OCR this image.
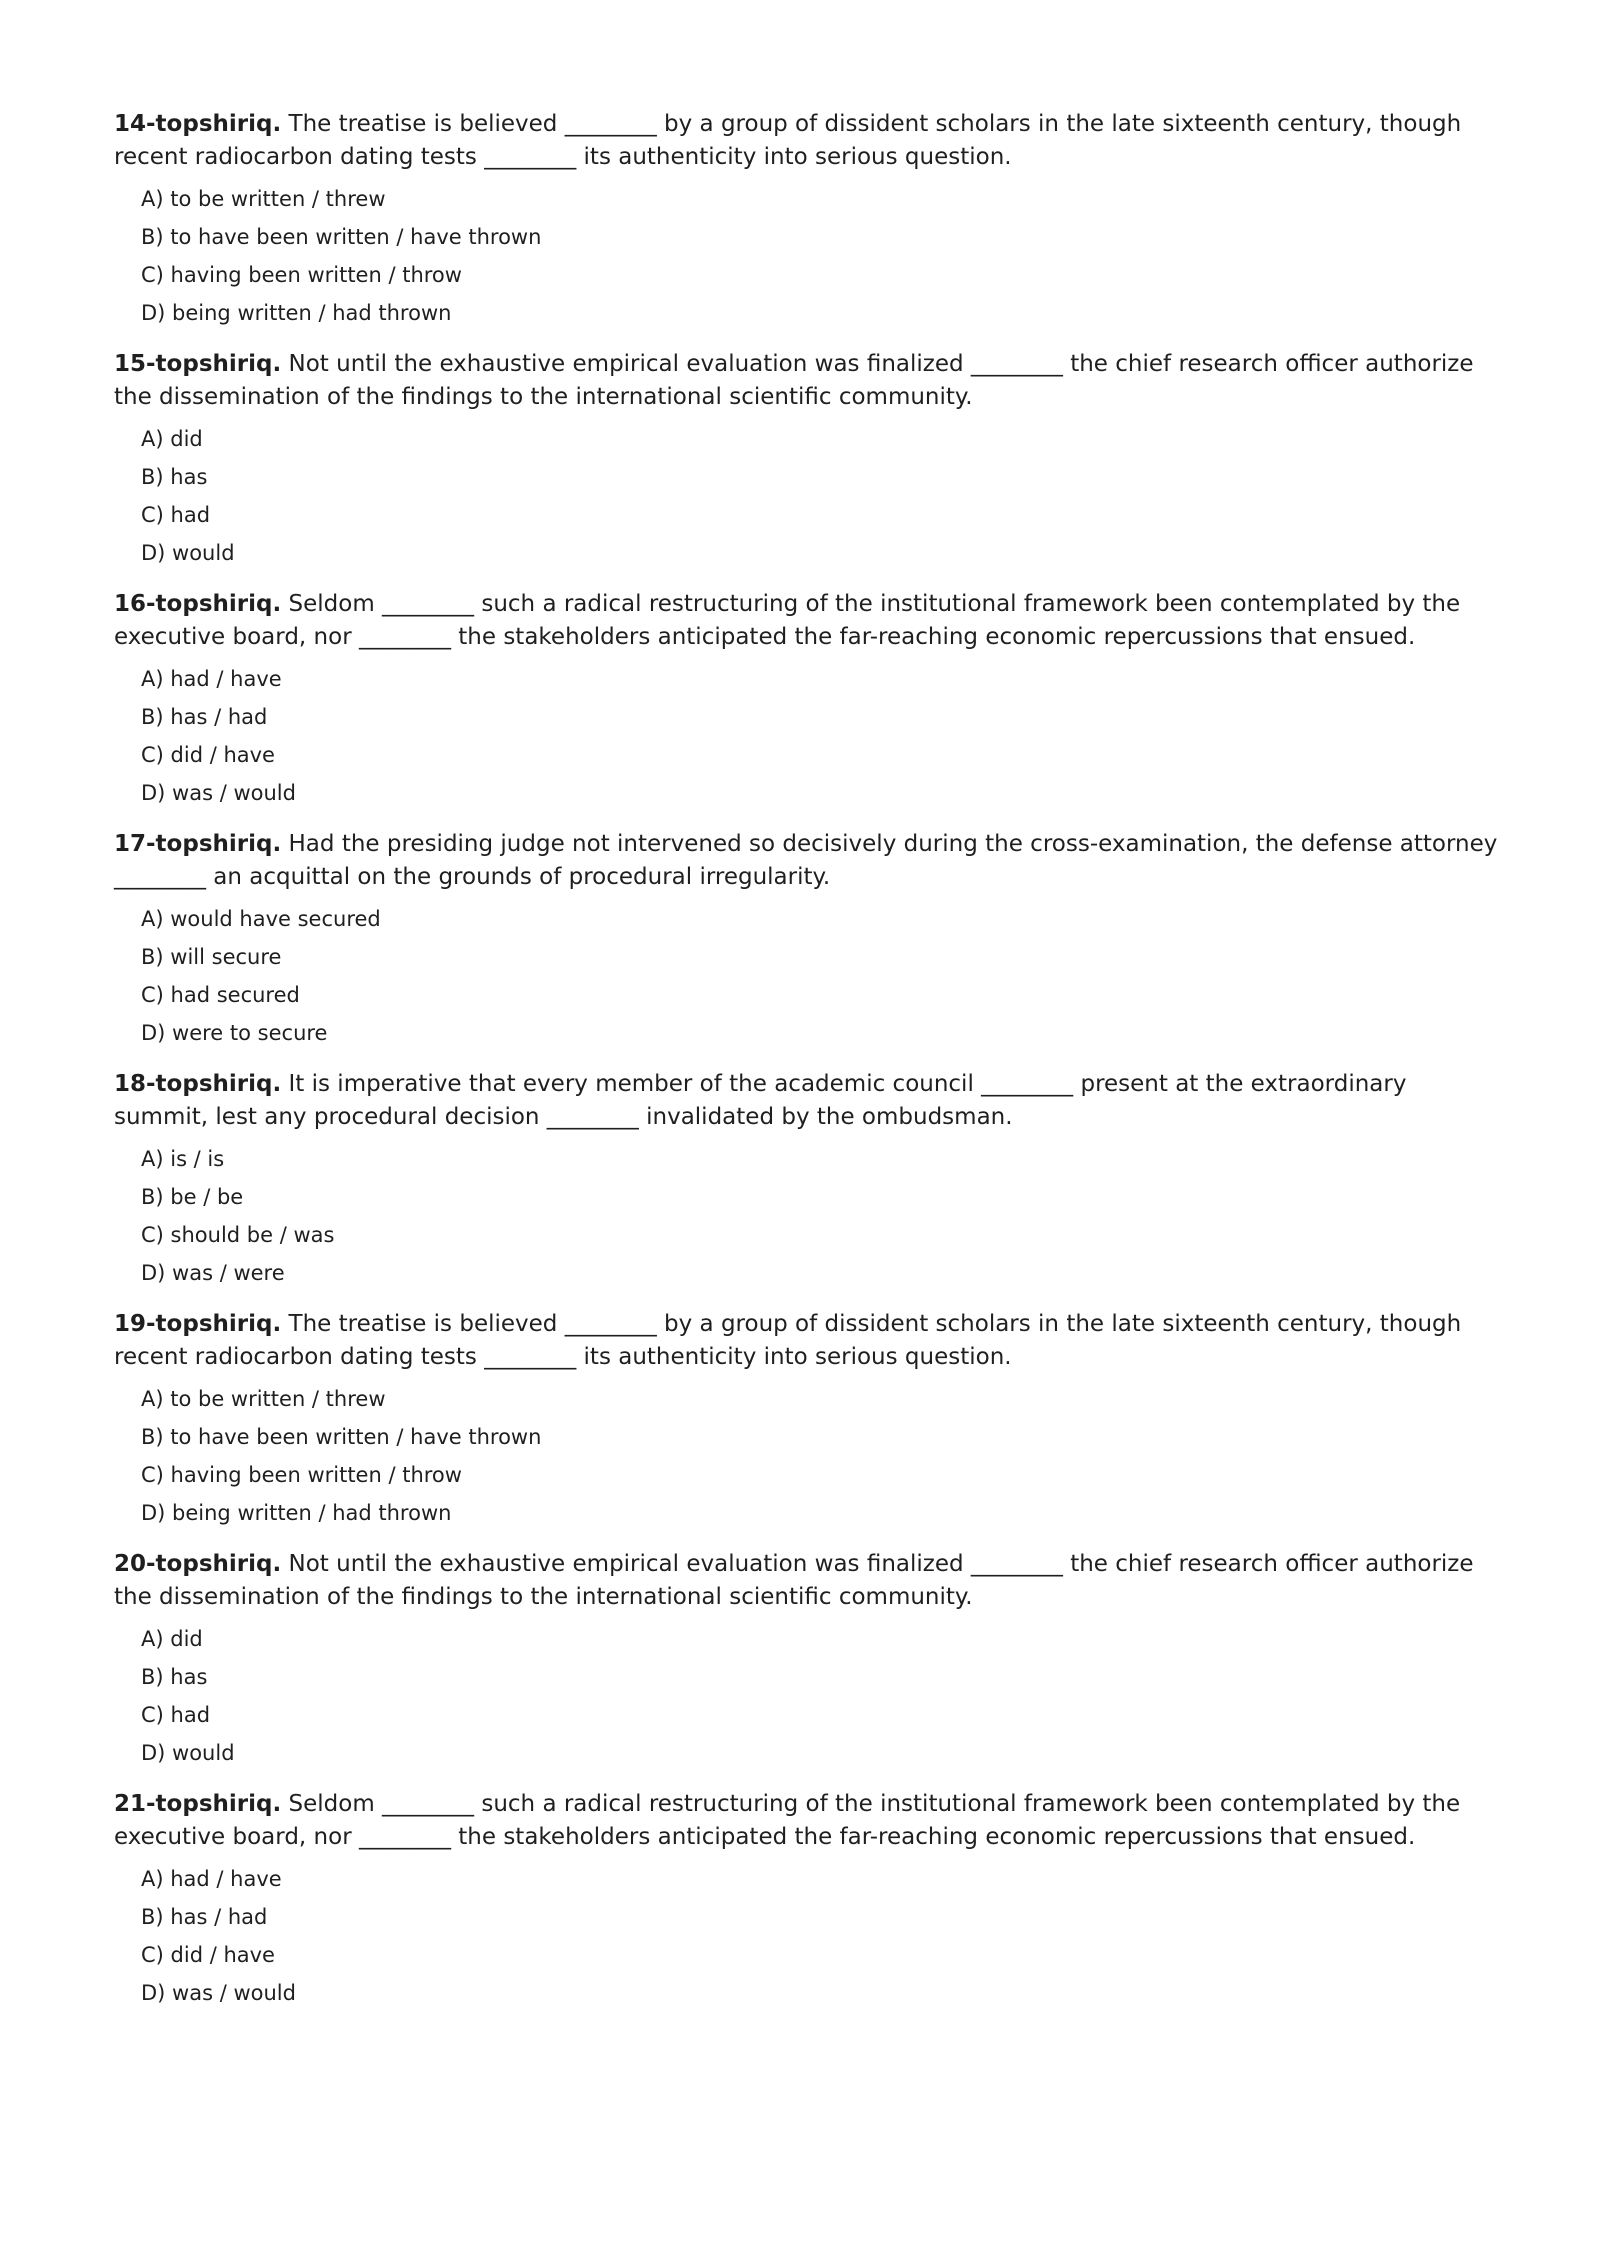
14-topshiriq. The treatise is believed ________ by a group of dissident scholars in the late sixteenth century, though recent radiocarbon dating tests ________ its authenticity into serious question.

A) to be written / threw
B) to have been written / have thrown
C) having been written / throw
D) being written / had thrown

15-topshiriq. Not until the exhaustive empirical evaluation was finalized ________ the chief research officer authorize the dissemination of the findings to the international scientific community.

A) did
B) has
C) had
D) would

16-topshiriq. Seldom ________ such a radical restructuring of the institutional framework been contemplated by the executive board, nor ________ the stakeholders anticipated the far-reaching economic repercussions that ensued.

A) had / have
B) has / had
C) did / have
D) was / would

17-topshiriq. Had the presiding judge not intervened so decisively during the cross-examination, the defense attorney ________ an acquittal on the grounds of procedural irregularity.

A) would have secured
B) will secure
C) had secured
D) were to secure

18-topshiriq. It is imperative that every member of the academic council ________ present at the extraordinary summit, lest any procedural decision ________ invalidated by the ombudsman.

A) is / is
B) be / be
C) should be / was
D) was / were

19-topshiriq. The treatise is believed ________ by a group of dissident scholars in the late sixteenth century, though recent radiocarbon dating tests ________ its authenticity into serious question.

A) to be written / threw
B) to have been written / have thrown
C) having been written / throw
D) being written / had thrown

20-topshiriq. Not until the exhaustive empirical evaluation was finalized ________ the chief research officer authorize the dissemination of the findings to the international scientific community.

A) did
B) has
C) had
D) would

21-topshiriq. Seldom ________ such a radical restructuring of the institutional framework been contemplated by the executive board, nor ________ the stakeholders anticipated the far-reaching economic repercussions that ensued.

A) had / have
B) has / had
C) did / have
D) was / would
